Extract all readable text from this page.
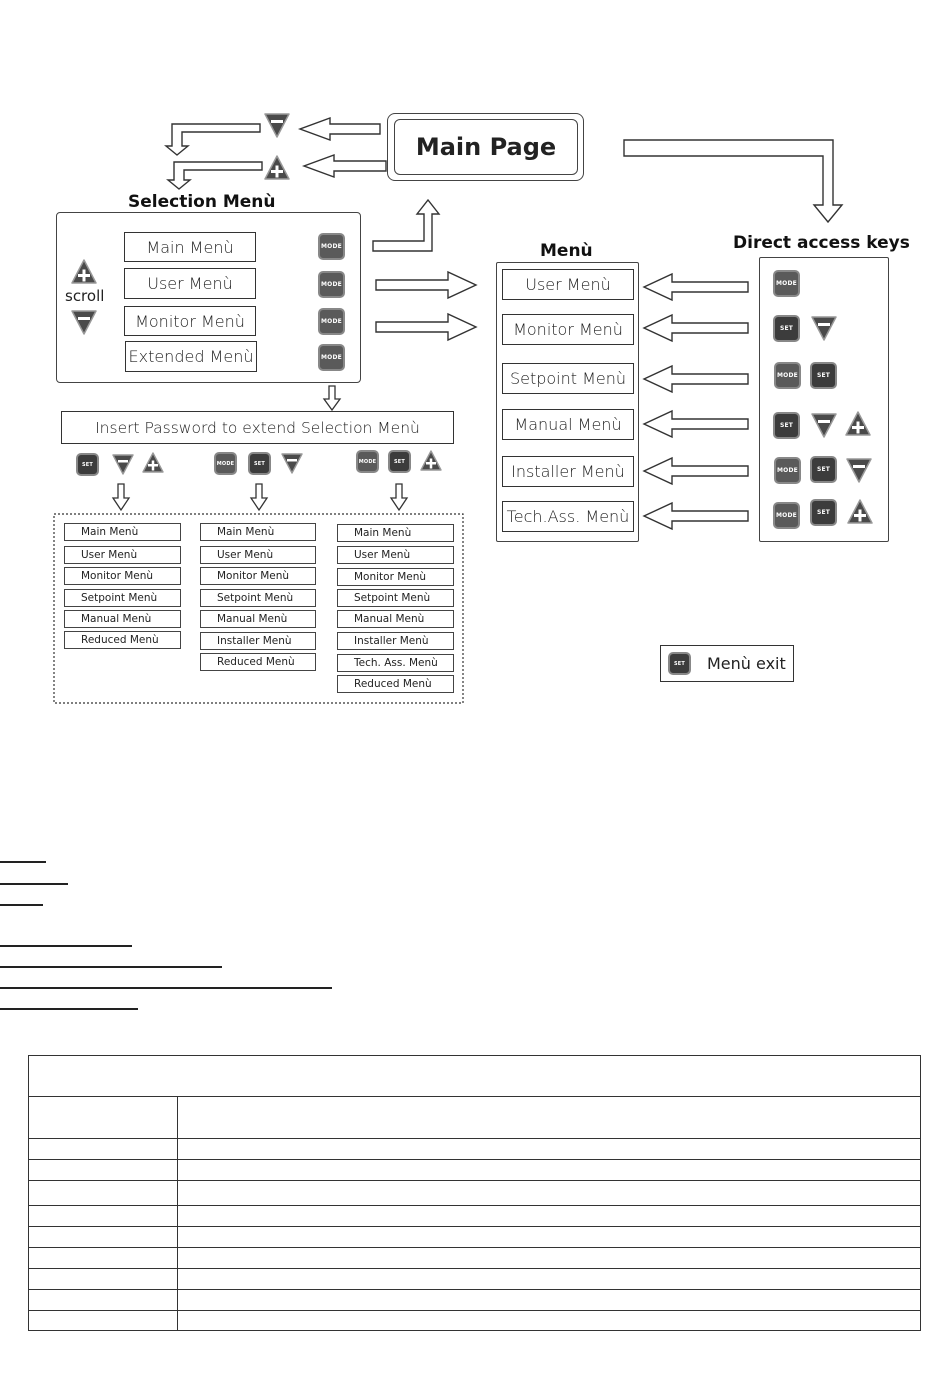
Main Page
Selection Menù
scroll
Main Menù
User Menù
Monitor Menù
Extended Menù
MODE
MODE
MODE
MODE
Insert Password to extend Selection Menù
SET	MODE	SET	MODE	SET
Main Menù
User Menù
Monitor Menù
Setpoint Menù
Manual Menù
Reduced Menù
Main Menù
User Menù
Monitor Menù
Setpoint Menù
Manual Menù
Installer Menù
Reduced Menù
Main Menù
User Menù
Monitor Menù
Setpoint Menù
Manual Menù
Installer Menù
Tech. Ass. Menù
Reduced Menù
Menù
User Menù
Monitor Menù
Setpoint Menù
Manual Menù
Installer Menù
Tech.Ass. Menù
Direct access keys
MODE
SET
MODE	SET
SET
MODE	SET
MODE	SET
SET	Menù exit
